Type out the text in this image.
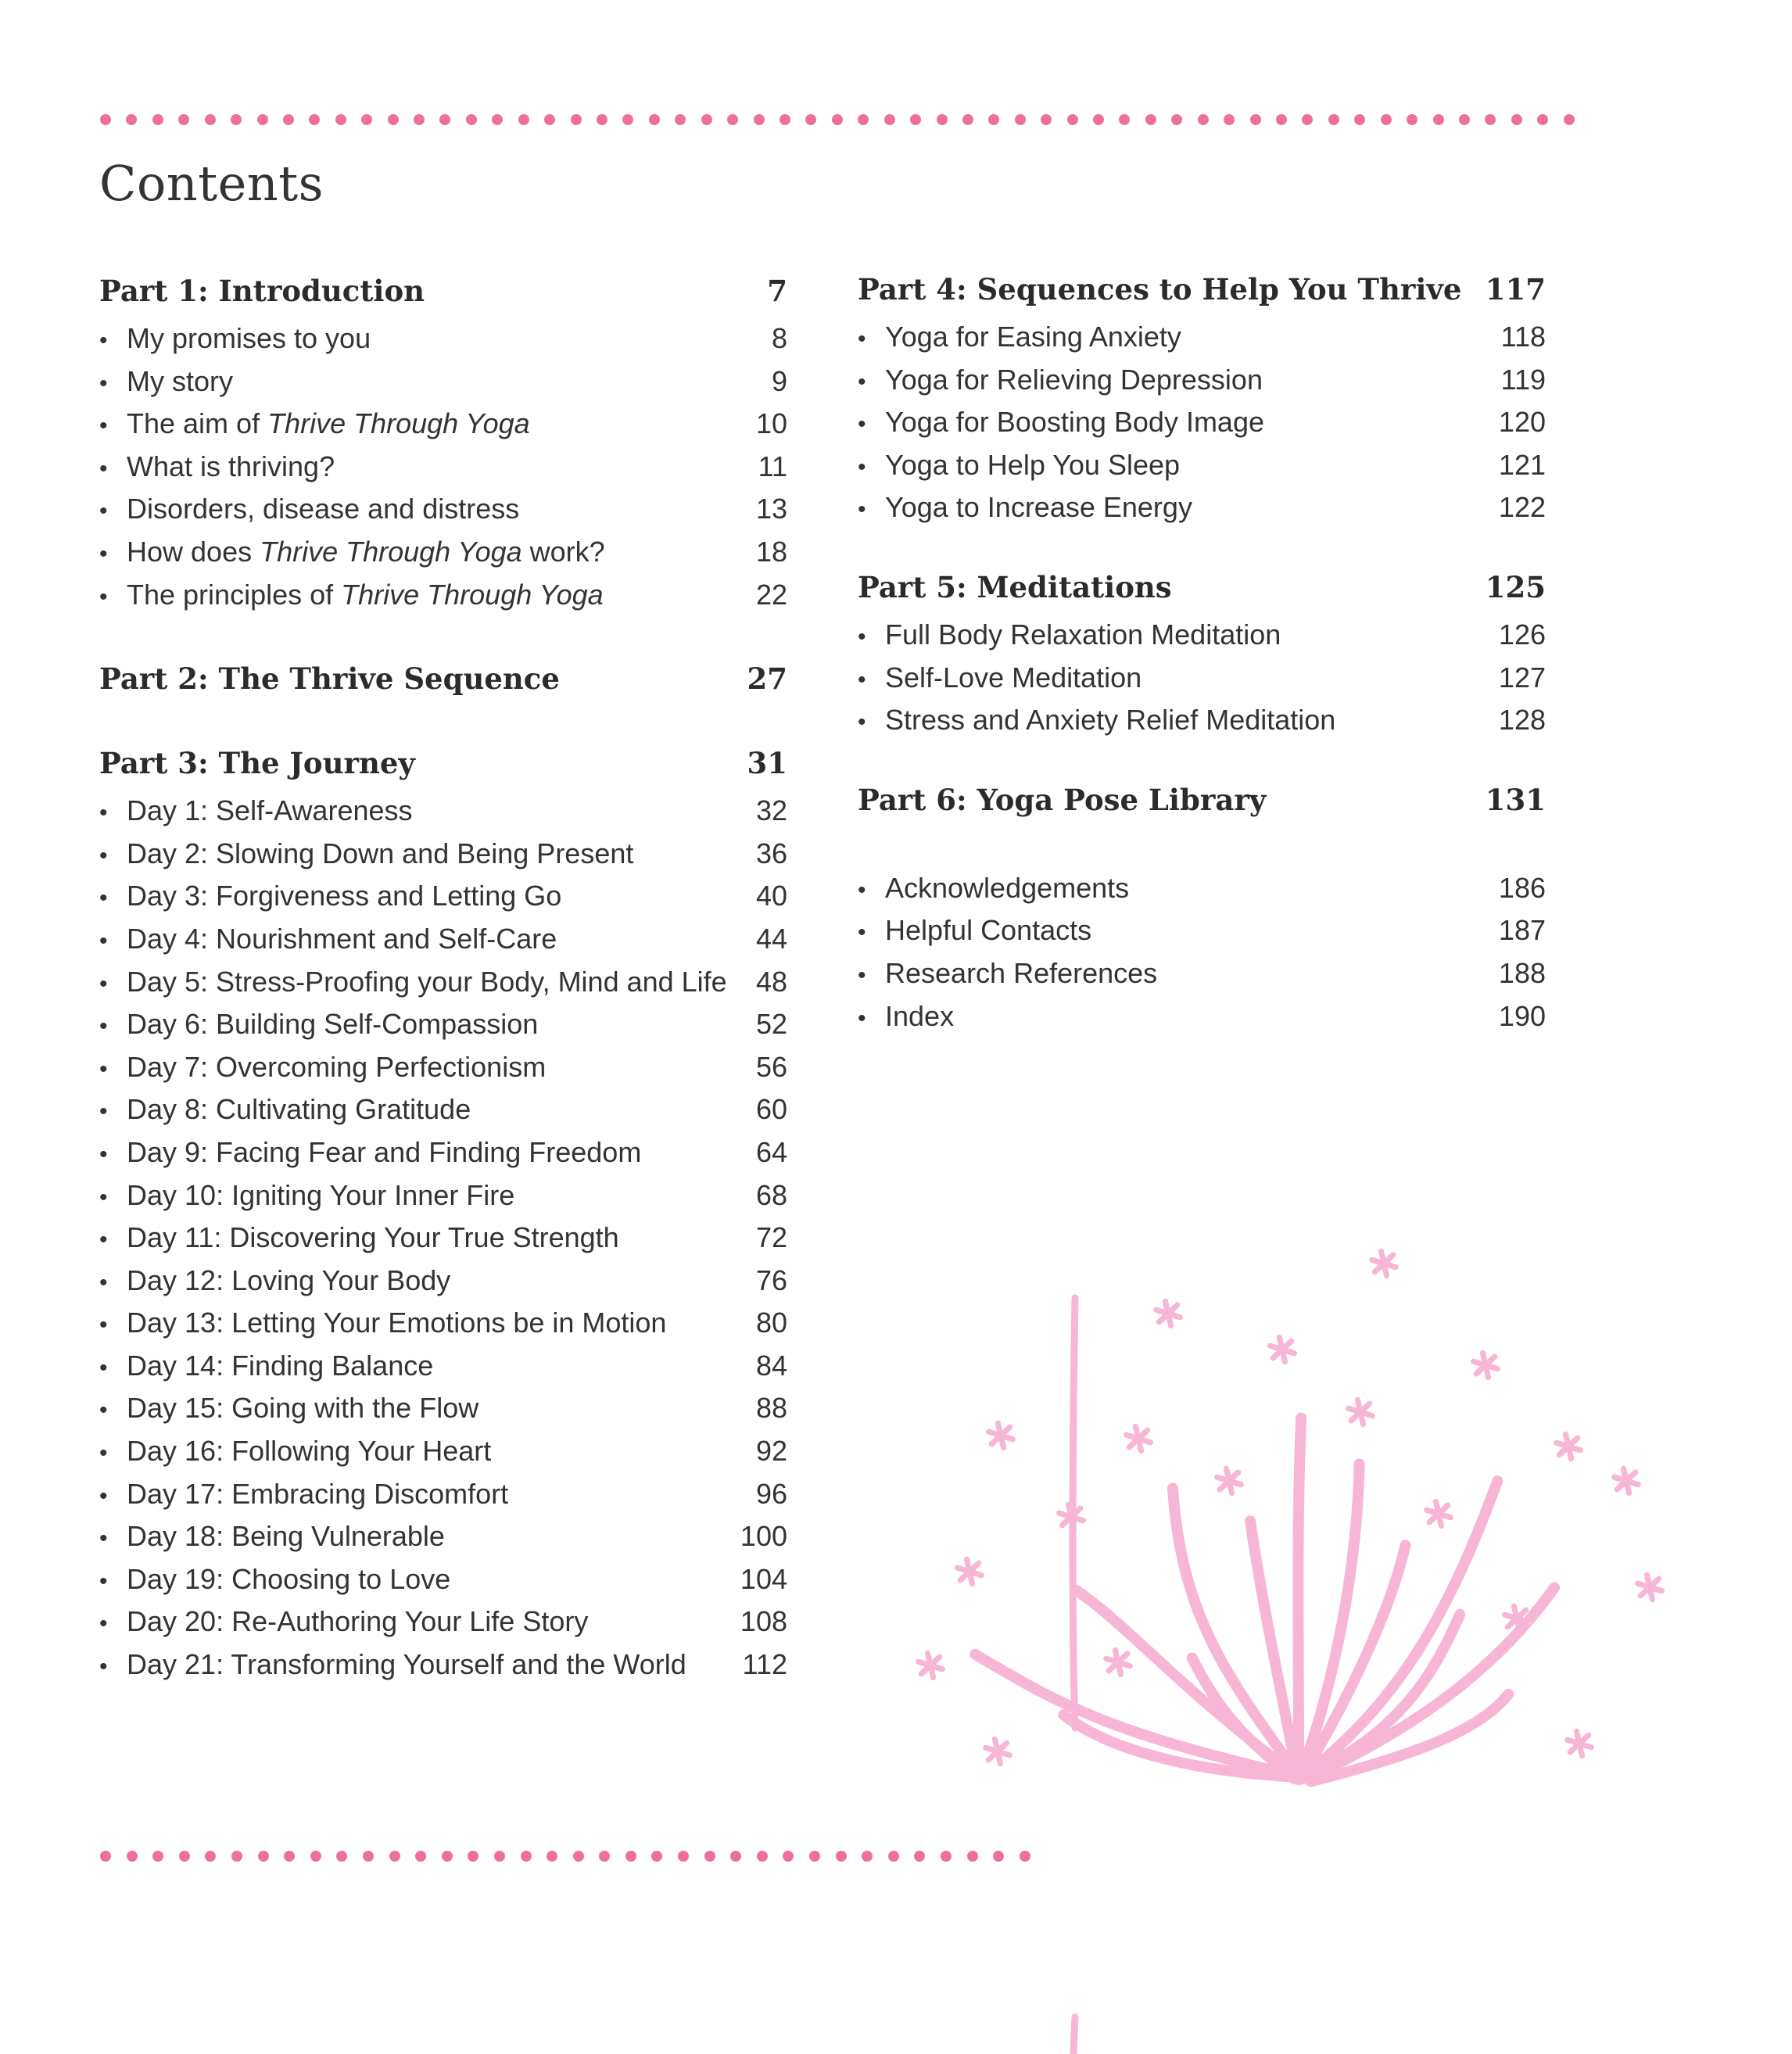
Contents
Part 1: Introduction	7
• My promises to you	8
• My story	9
• The aim of Thrive Through Yoga	10
• What is thriving?	11
• Disorders, disease and distress	13
• How does Thrive Through Yoga work?	18
• The principles of Thrive Through Yoga	22
Part 2: The Thrive Sequence	27
Part 3: The Journey	31
• Day 1: Self-Awareness	32
• Day 2: Slowing Down and Being Present	36
• Day 3: Forgiveness and Letting Go	40
• Day 4: Nourishment and Self-Care	44
• Day 5: Stress-Proofing your Body, Mind and Life 48
• Day 6: Building Self-Compassion	52
• Day 7: Overcoming Perfectionism	56
• Day 8: Cultivating Gratitude	60
• Day 9: Facing Fear and Finding Freedom	64
• Day 10: Igniting Your Inner Fire	68
• Day 11: Discovering Your True Strength	72
• Day 12: Loving Your Body	76
• Day 13: Letting Your Emotions be in Motion	80
• Day 14: Finding Balance	84
• Day 15: Going with the Flow	88
• Day 16: Following Your Heart	92
• Day 17: Embracing Discomfort	96
• Day 18: Being Vulnerable	100
• Day 19: Choosing to Love	104
• Day 20: Re-Authoring Your Life Story	108
• Day 21: Transforming Yourself and the World 112
Part 4: Sequences to Help You Thrive 117
• Yoga for Easing Anxiety	118
• Yoga for Relieving Depression	119
• Yoga for Boosting Body Image	120
• Yoga to Help You Sleep	121
• Yoga to Increase Energy	122
Part 5: Meditations	125
• Full Body Relaxation Meditation	126
• Self-Love Meditation	127
• Stress and Anxiety Relief Meditation	128
Part 6: Yoga Pose Library	131
• Acknowledgements	186
• Helpful Contacts	187
• Research References	188
• Index	190
